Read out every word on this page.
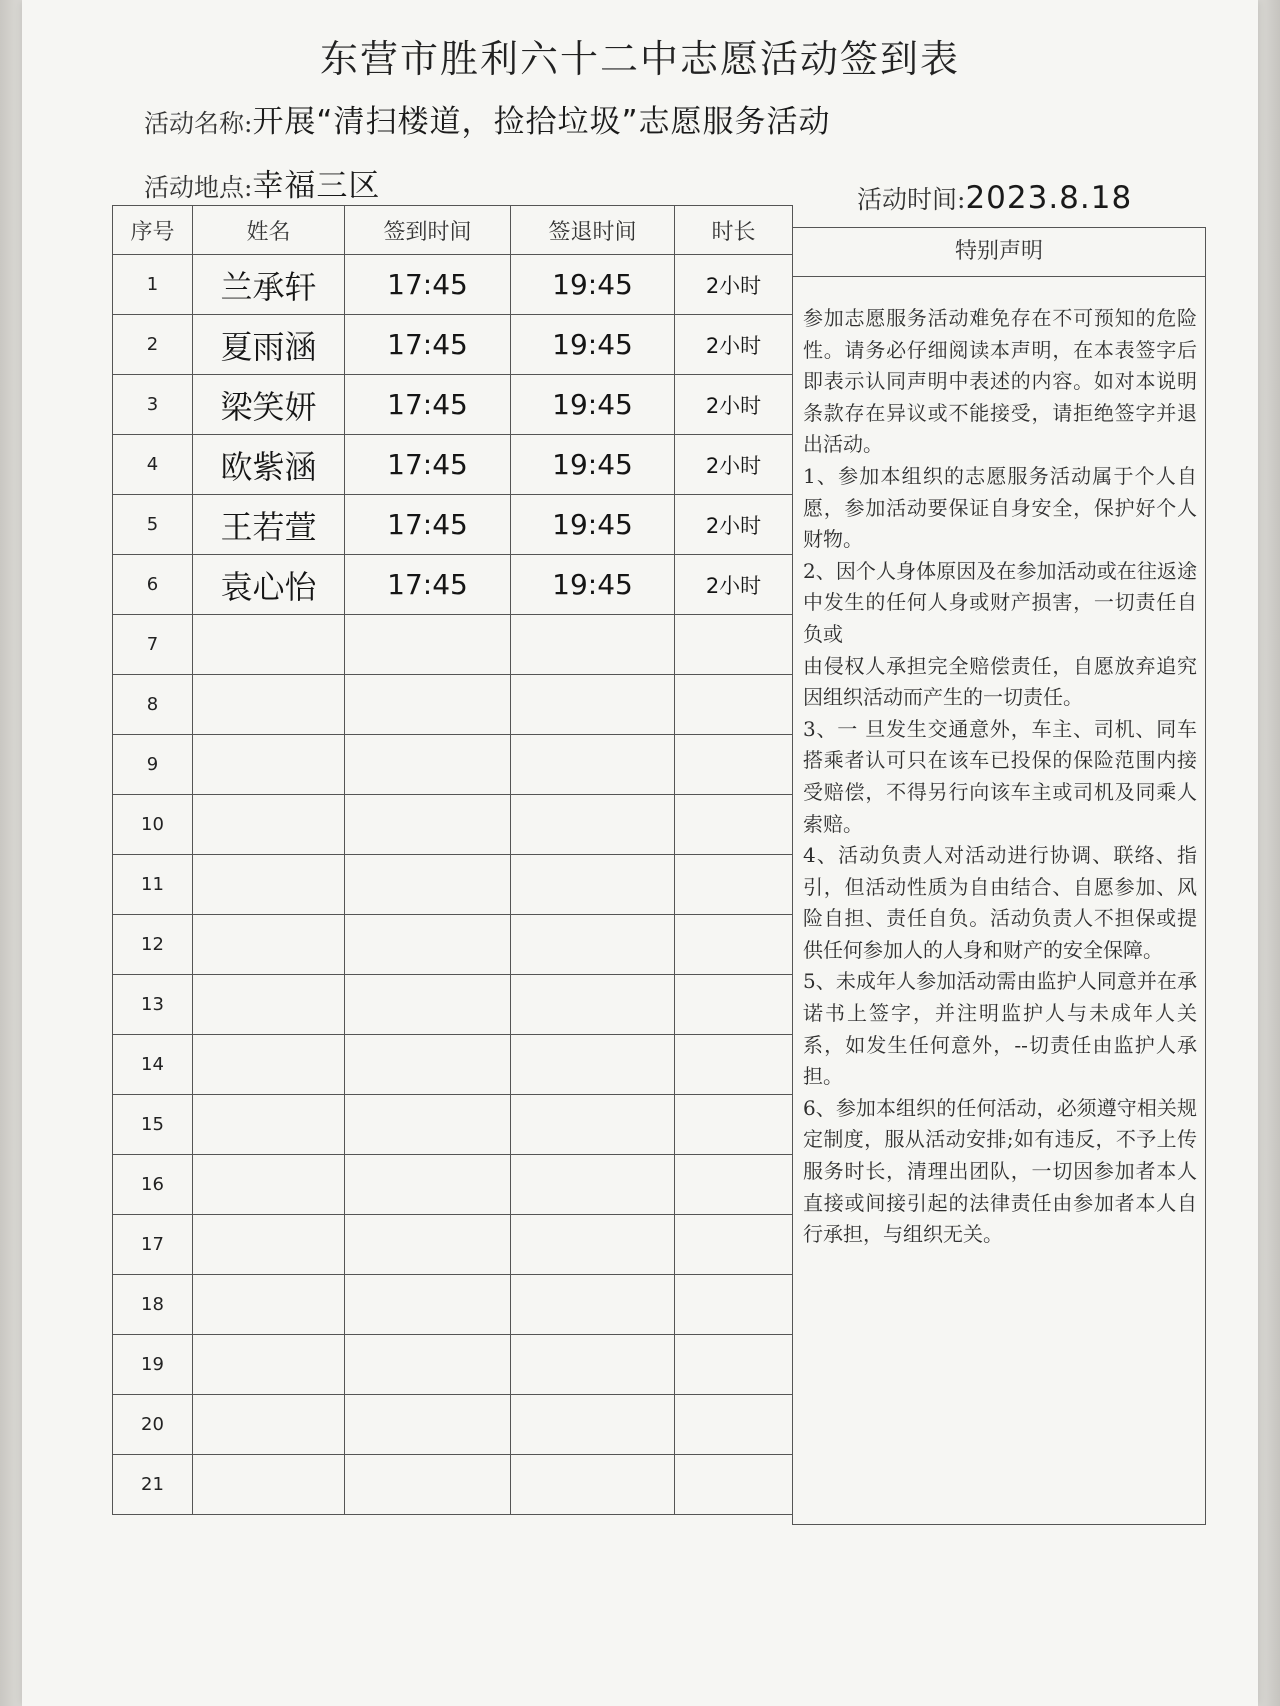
东营市胜利六十二中志愿活动签到表
活动名称:开展“清扫楼道，捡拾垃圾”志愿服务活动
活动地点:幸福三区	活动时间:2023.8.18
序号	姓名	签到时间	签退时间	时长
1	兰承轩	17:45	19:45	2小时
2	夏雨涵	17:45	19:45	2小时
3	梁笑妍	17:45	19:45	2小时
4	欧紫涵	17:45	19:45	2小时
5	王若萱	17:45	19:45	2小时
6	袁心怡	17:45	19:45	2小时
7				
8				
9				
10				
11				
12				
13				
14				
15				
16				
17				
18				
19				
20				
21				
特别声明

参加志愿服务活动难免存在不可预知的危险性。请务必仔细阅读本声明，在本表签字后即表示认同声明中表述的内容。如对本说明条款存在异议或不能接受，请拒绝签字并退出活动。

1、参加本组织的志愿服务活动属于个人自愿，参加活动要保证自身安全，保护好个人财物。

2、因个人身体原因及在参加活动或在往返途中发生的任何人身或财产损害，一切责任自负或

由侵权人承担完全赔偿责任，自愿放弃追究因组织活动而产生的一切责任。

3、一 旦发生交通意外，车主、司机、同车搭乘者认可只在该车已投保的保险范围内接受赔偿，不得另行向该车主或司机及同乘人索赔。

4、活动负责人对活动进行协调、联络、指引，但活动性质为自由结合、自愿参加、风险自担、责任自负。活动负责人不担保或提供任何参加人的人身和财产的安全保障。

5、未成年人参加活动需由监护人同意并在承诺书上签字，并注明监护人与未成年人关系，如发生任何意外，--切责任由监护人承担。

6、参加本组织的任何活动，必须遵守相关规定制度，服从活动安排;如有违反，不予上传服务时长，清理出团队，一切因参加者本人直接或间接引起的法律责任由参加者本人自行承担，与组织无关。
